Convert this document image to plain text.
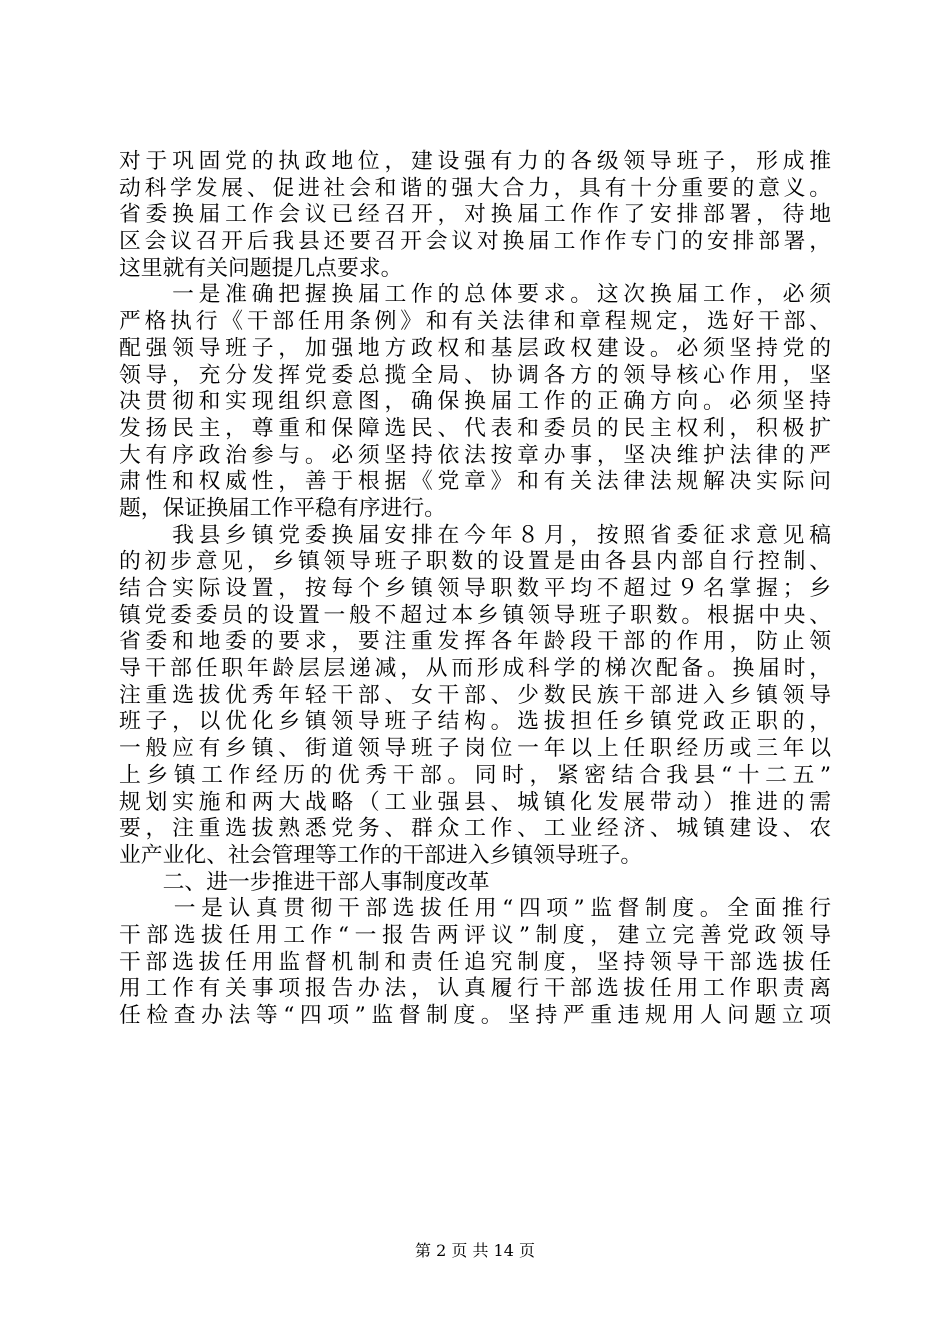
对于巩固党的执政地位，建设强有力的各级领导班子，形成推
动科学发展、促进社会和谐的强大合力，具有十分重要的意义。
省委换届工作会议已经召开，对换届工作作了安排部署，待地
区会议召开后我县还要召开会议对换届工作作专门的安排部署，
这里就有关问题提几点要求。
　　一是准确把握换届工作的总体要求。这次换届工作，必须
严格执行《干部任用条例》和有关法律和章程规定，选好干部、
配强领导班子，加强地方政权和基层政权建设。必须坚持党的
领导，充分发挥党委总揽全局、协调各方的领导核心作用，坚
决贯彻和实现组织意图，确保换届工作的正确方向。必须坚持
发扬民主，尊重和保障选民、代表和委员的民主权利，积极扩
大有序政治参与。必须坚持依法按章办事，坚决维护法律的严
肃性和权威性，善于根据《党章》和有关法律法规解决实际问
题，保证换届工作平稳有序进行。
　　我县乡镇党委换届安排在今年８月，按照省委征求意见稿
的初步意见，乡镇领导班子职数的设置是由各县内部自行控制、
结合实际设置，按每个乡镇领导职数平均不超过９名掌握；乡
镇党委委员的设置一般不超过本乡镇领导班子职数。根据中央、
省委和地委的要求，要注重发挥各年龄段干部的作用，防止领
导干部任职年龄层层递减，从而形成科学的梯次配备。换届时，
注重选拔优秀年轻干部、女干部、少数民族干部进入乡镇领导
班子，以优化乡镇领导班子结构。选拔担任乡镇党政正职的，
一般应有乡镇、街道领导班子岗位一年以上任职经历或三年以
上乡镇工作经历的优秀干部。同时，紧密结合我县“十二五”
规划实施和两大战略（工业强县、城镇化发展带动）推进的需
要，注重选拔熟悉党务、群众工作、工业经济、城镇建设、农
业产业化、社会管理等工作的干部进入乡镇领导班子。
　　二、进一步推进干部人事制度改革
　　一是认真贯彻干部选拔任用“四项”监督制度。全面推行
干部选拔任用工作“一报告两评议”制度，建立完善党政领导
干部选拔任用监督机制和责任追究制度，坚持领导干部选拔任
用工作有关事项报告办法，认真履行干部选拔任用工作职责离
任检查办法等“四项”监督制度。坚持严重违规用人问题立项
第 2 页 共 14 页
